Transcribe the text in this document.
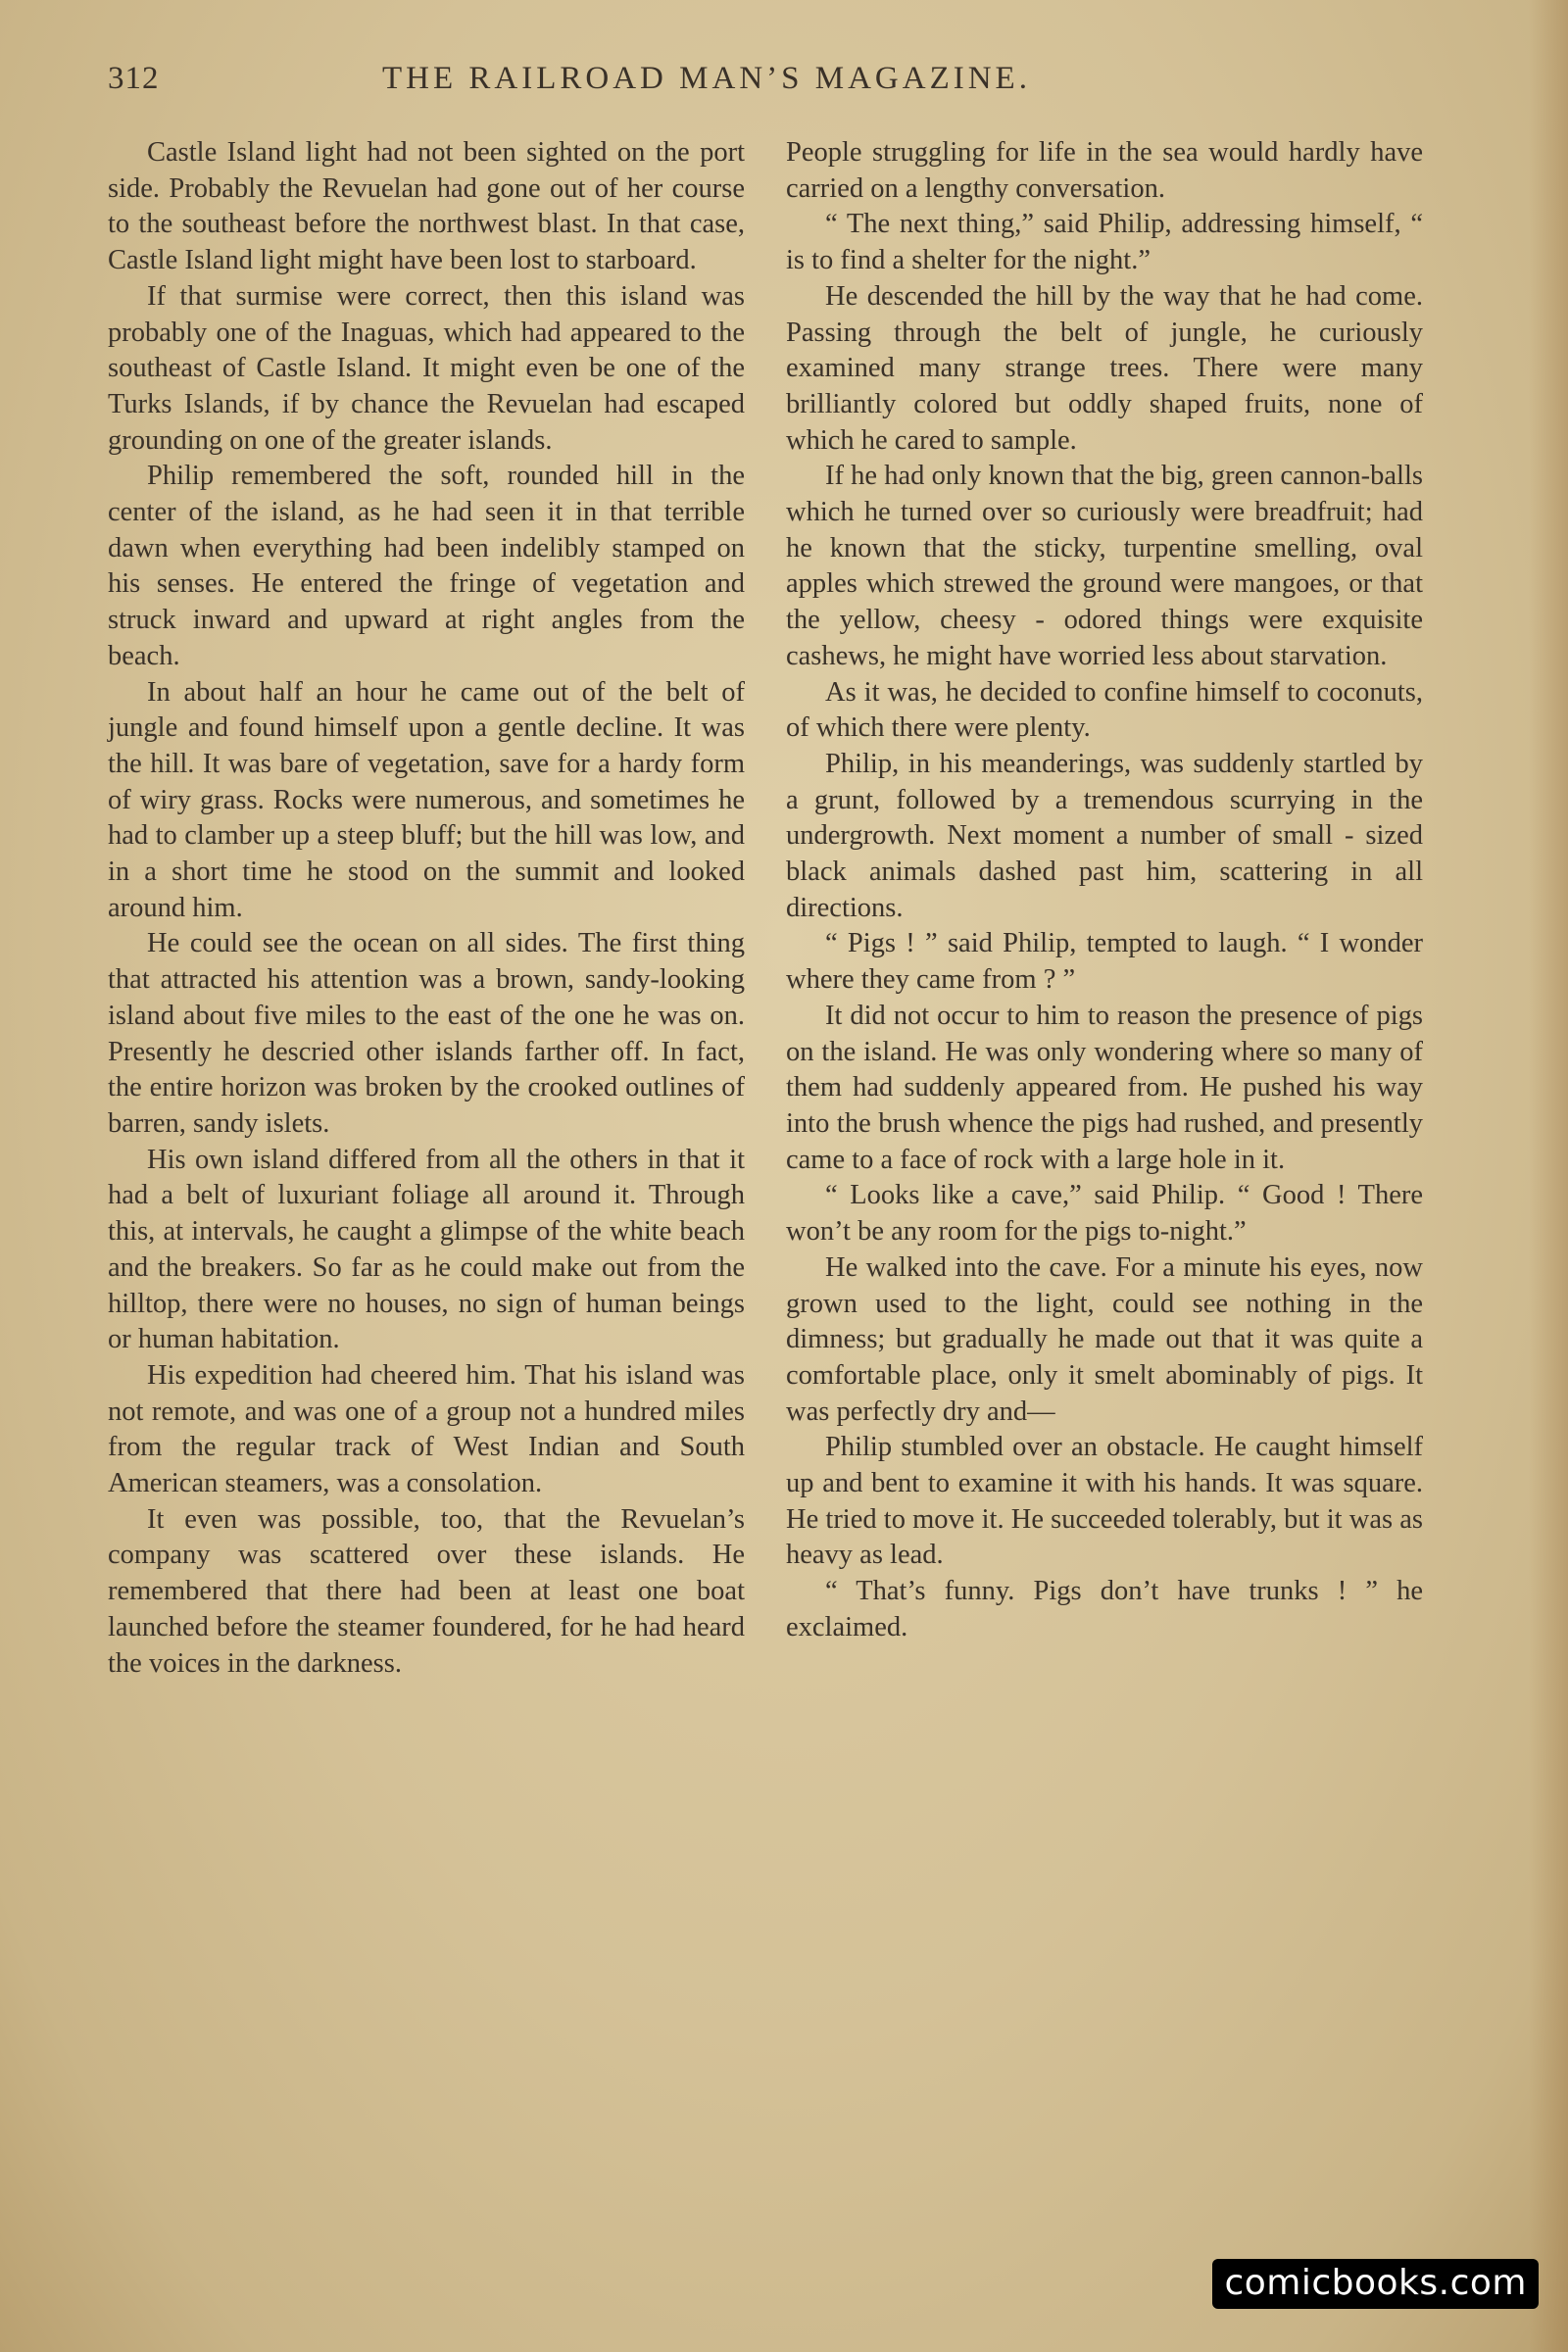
312	THE RAILROAD MAN’S MAGAZINE.

Castle Island light had not been sighted on the port side. Probably the Revuelan had gone out of her course to the southeast before the northwest blast. In that case, Castle Island light might have been lost to starboard.

If that surmise were correct, then this island was probably one of the Inaguas, which had appeared to the southeast of Castle Island. It might even be one of the Turks Islands, if by chance the Revuelan had escaped grounding on one of the greater islands.

Philip remembered the soft, rounded hill in the center of the island, as he had seen it in that terrible dawn when everything had been indelibly stamped on his senses. He entered the fringe of vegetation and struck inward and upward at right angles from the beach.

In about half an hour he came out of the belt of jungle and found himself upon a gentle decline. It was the hill. It was bare of vegetation, save for a hardy form of wiry grass. Rocks were numerous, and sometimes he had to clamber up a steep bluff; but the hill was low, and in a short time he stood on the summit and looked around him.

He could see the ocean on all sides. The first thing that attracted his attention was a brown, sandy-looking island about five miles to the east of the one he was on. Presently he descried other islands farther off. In fact, the entire horizon was broken by the crooked outlines of barren, sandy islets.

His own island differed from all the others in that it had a belt of luxuriant foliage all around it. Through this, at intervals, he caught a glimpse of the white beach and the breakers. So far as he could make out from the hilltop, there were no houses, no sign of human beings or human habitation.

His expedition had cheered him. That his island was not remote, and was one of a group not a hundred miles from the regular track of West Indian and South American steamers, was a consolation.

It even was possible, too, that the Revuelan’s company was scattered over these islands. He remembered that there had been at least one boat launched before the steamer foundered, for he had heard the voices in the darkness.

People struggling for life in the sea would hardly have carried on a lengthy conversation.

“ The next thing,” said Philip, addressing himself, “ is to find a shelter for the night.”

He descended the hill by the way that he had come. Passing through the belt of jungle, he curiously examined many strange trees. There were many brilliantly colored but oddly shaped fruits, none of which he cared to sample.

If he had only known that the big, green cannon-balls which he turned over so curiously were breadfruit; had he known that the sticky, turpentine smelling, oval apples which strewed the ground were mangoes, or that the yellow, cheesy - odored things were exquisite cashews, he might have worried less about starvation.

As it was, he decided to confine himself to coconuts, of which there were plenty.

Philip, in his meanderings, was suddenly startled by a grunt, followed by a tremendous scurrying in the undergrowth. Next moment a number of small - sized black animals dashed past him, scattering in all directions.

“ Pigs ! ” said Philip, tempted to laugh. “ I wonder where they came from ? ”

It did not occur to him to reason the presence of pigs on the island. He was only wondering where so many of them had suddenly appeared from. He pushed his way into the brush whence the pigs had rushed, and presently came to a face of rock with a large hole in it.

“ Looks like a cave,” said Philip. “ Good ! There won’t be any room for the pigs to-night.”

He walked into the cave. For a minute his eyes, now grown used to the light, could see nothing in the dimness; but gradually he made out that it was quite a comfortable place, only it smelt abominably of pigs. It was perfectly dry and—

Philip stumbled over an obstacle. He caught himself up and bent to examine it with his hands. It was square. He tried to move it. He succeeded tolerably, but it was as heavy as lead.

“ That’s funny. Pigs don’t have trunks ! ” he exclaimed.

comicbooks.com
